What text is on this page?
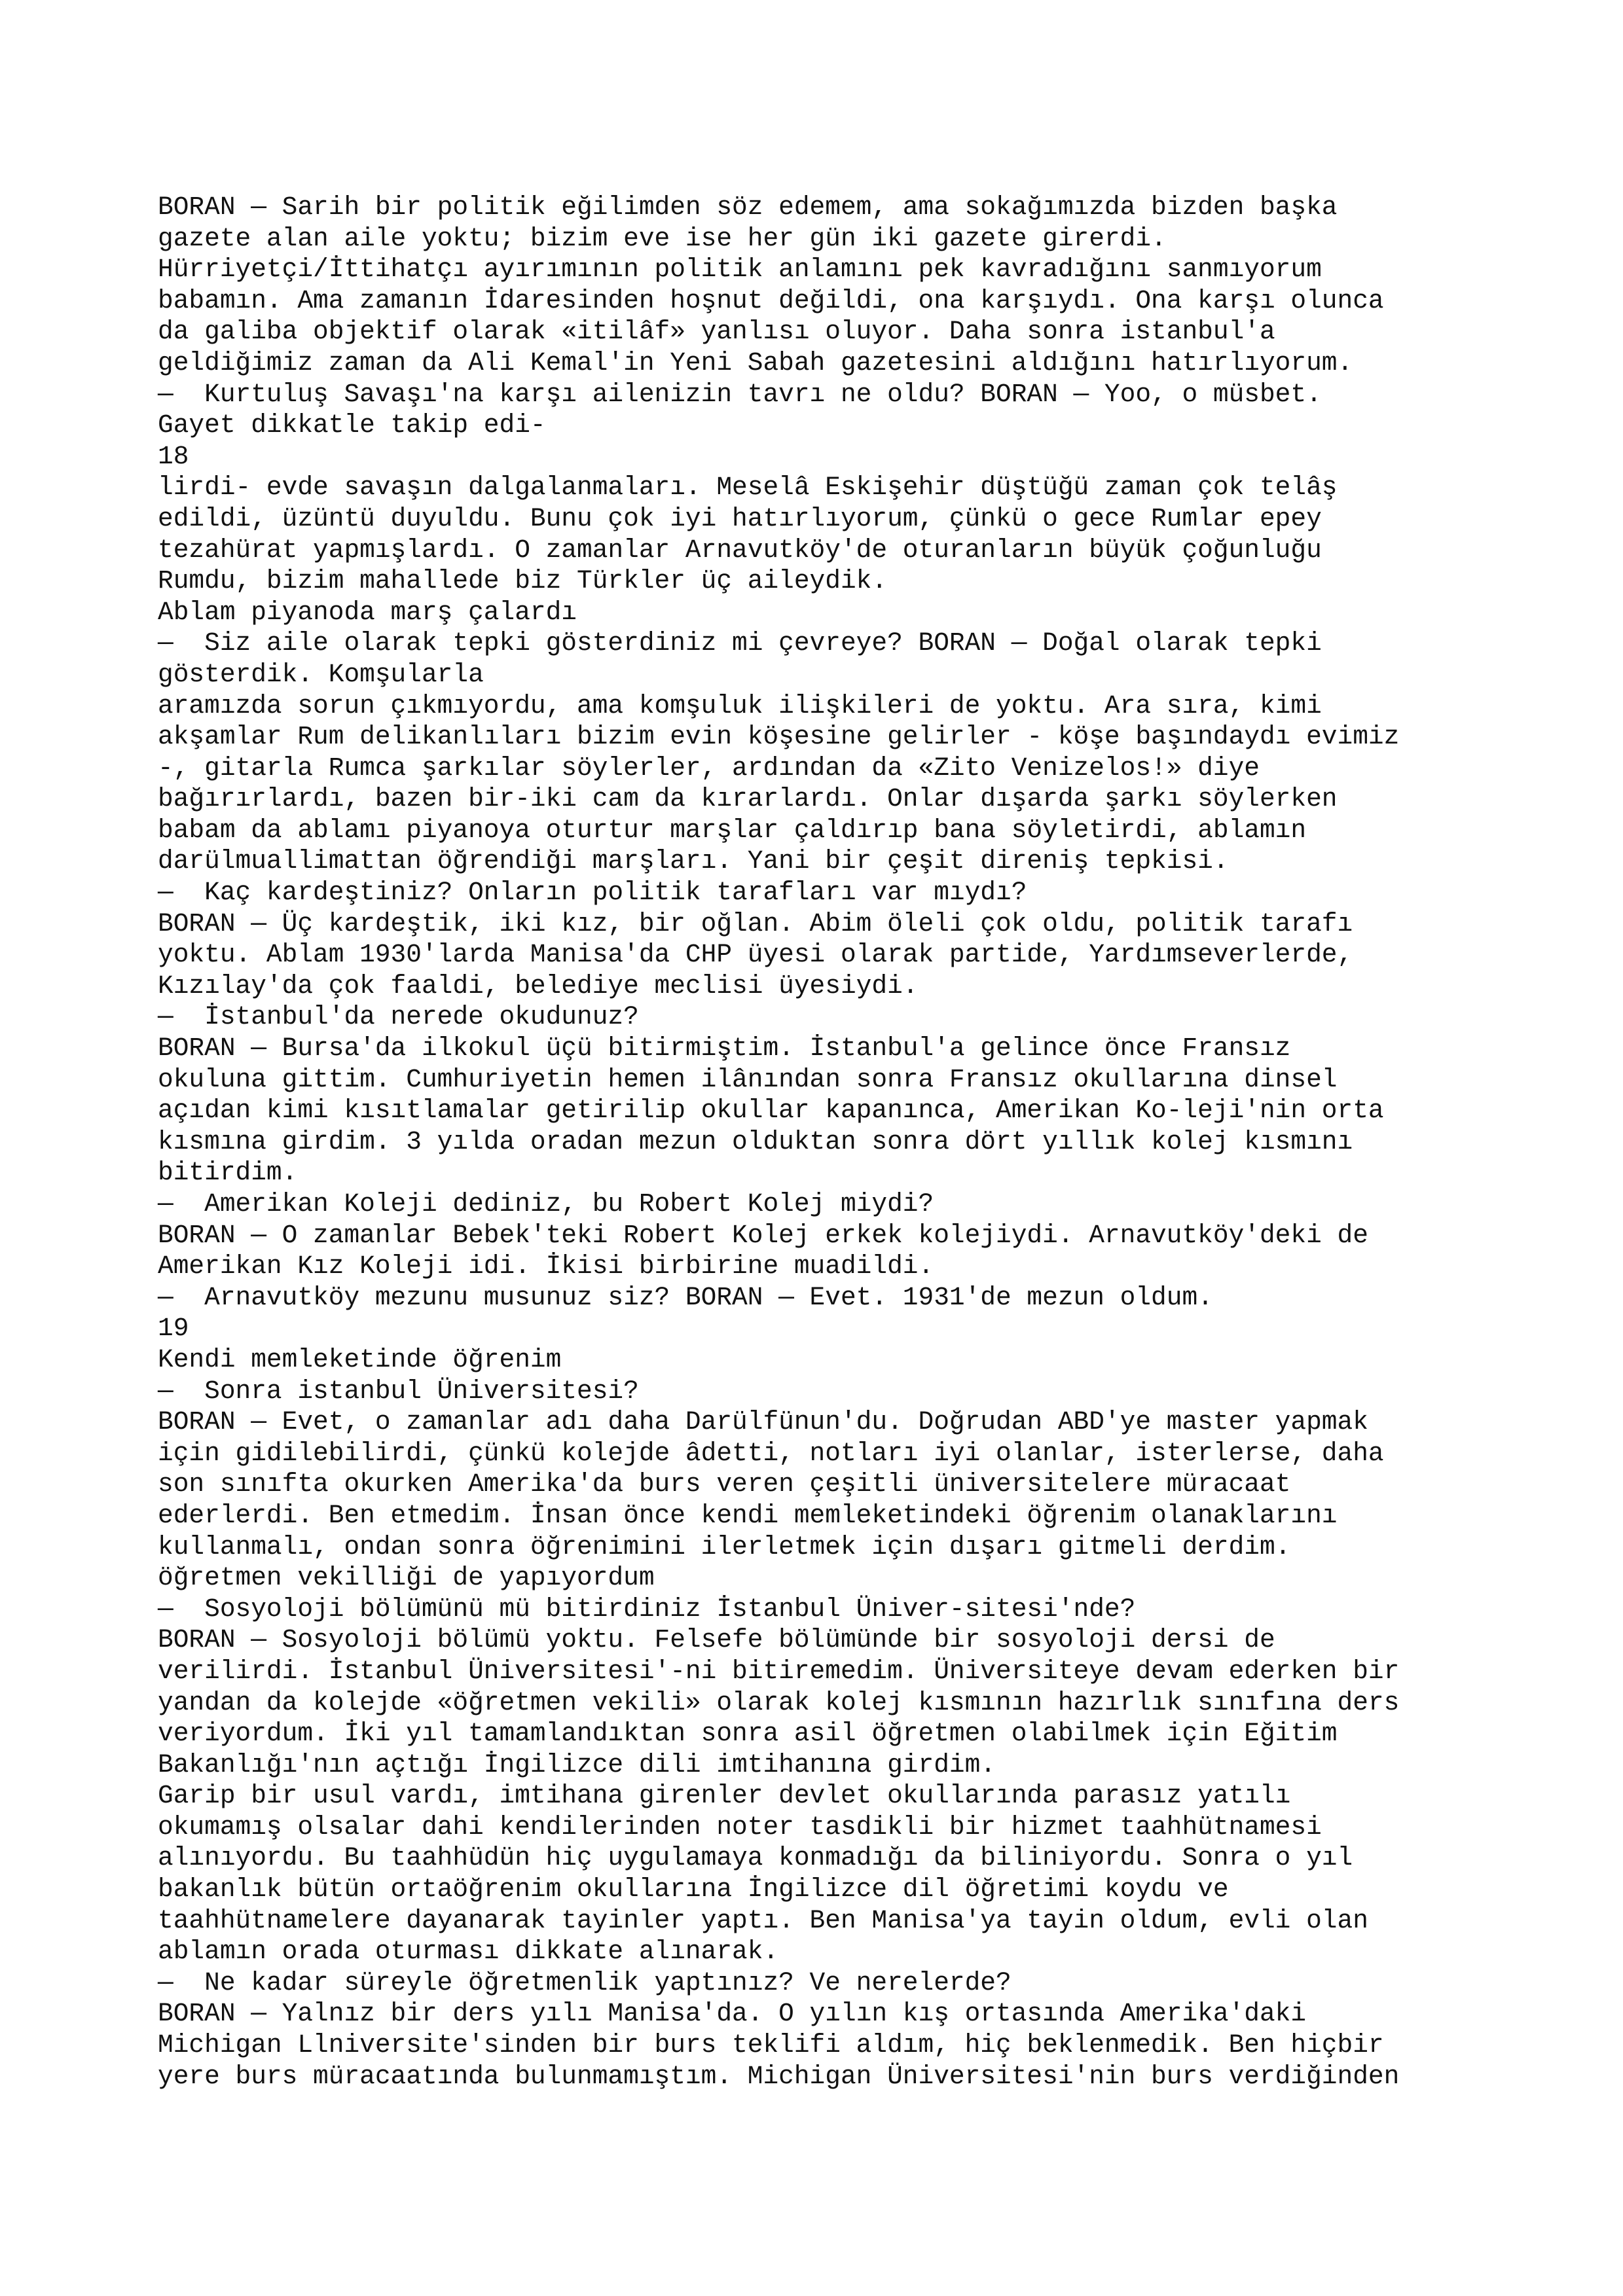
BORAN — Sarih bir politik eğilimden söz edemem, ama sokağımızda bizden başka
gazete alan aile yoktu; bizim eve ise her gün iki gazete girerdi.
Hürriyetçi/İttihatçı ayırımının politik anlamını pek kavradığını sanmıyorum
babamın. Ama zamanın İdaresinden hoşnut değildi, ona karşıydı. Ona karşı olunca
da galiba objektif olarak «itilâf» yanlısı oluyor. Daha sonra istanbul'a
geldiğimiz zaman da Ali Kemal'in Yeni Sabah gazetesini aldığını hatırlıyorum.
—  Kurtuluş Savaşı'na karşı ailenizin tavrı ne oldu? BORAN — Yoo, o müsbet.
Gayet dikkatle takip edi-
18
lirdi- evde savaşın dalgalanmaları. Meselâ Eskişehir düştüğü zaman çok telâş
edildi, üzüntü duyuldu. Bunu çok iyi hatırlıyorum, çünkü o gece Rumlar epey
tezahürat yapmışlardı. O zamanlar Arnavutköy'de oturanların büyük çoğunluğu
Rumdu, bizim mahallede biz Türkler üç aileydik.
Ablam piyanoda marş çalardı
—  Siz aile olarak tepki gösterdiniz mi çevreye? BORAN — Doğal olarak tepki
gösterdik. Komşularla
aramızda sorun çıkmıyordu, ama komşuluk ilişkileri de yoktu. Ara sıra, kimi
akşamlar Rum delikanlıları bizim evin köşesine gelirler - köşe başındaydı evimiz
-, gitarla Rumca şarkılar söylerler, ardından da «Zito Venizelos!» diye
bağırırlardı, bazen bir-iki cam da kırarlardı. Onlar dışarda şarkı söylerken
babam da ablamı piyanoya oturtur marşlar çaldırıp bana söyletirdi, ablamın
darülmuallimattan öğrendiği marşları. Yani bir çeşit direniş tepkisi.
—  Kaç kardeştiniz? Onların politik tarafları var mıydı?
BORAN — Üç kardeştik, iki kız, bir oğlan. Abim öleli çok oldu, politik tarafı
yoktu. Ablam 1930'larda Manisa'da CHP üyesi olarak partide, Yardımseverlerde,
Kızılay'da çok faaldi, belediye meclisi üyesiydi.
—  İstanbul'da nerede okudunuz?
BORAN — Bursa'da ilkokul üçü bitirmiştim. İstanbul'a gelince önce Fransız
okuluna gittim. Cumhuriyetin hemen ilânından sonra Fransız okullarına dinsel
açıdan kimi kısıtlamalar getirilip okullar kapanınca, Amerikan Ko-leji'nin orta
kısmına girdim. 3 yılda oradan mezun olduktan sonra dört yıllık kolej kısmını
bitirdim.
—  Amerikan Koleji dediniz, bu Robert Kolej miydi?
BORAN — O zamanlar Bebek'teki Robert Kolej erkek kolejiydi. Arnavutköy'deki de
Amerikan Kız Koleji idi. İkisi birbirine muadildi.
—  Arnavutköy mezunu musunuz siz? BORAN — Evet. 1931'de mezun oldum.
19
Kendi memleketinde öğrenim
—  Sonra istanbul Üniversitesi?
BORAN — Evet, o zamanlar adı daha Darülfünun'du. Doğrudan ABD'ye master yapmak
için gidilebilirdi, çünkü kolejde âdetti, notları iyi olanlar, isterlerse, daha
son sınıfta okurken Amerika'da burs veren çeşitli üniversitelere müracaat
ederlerdi. Ben etmedim. İnsan önce kendi memleketindeki öğrenim olanaklarını
kullanmalı, ondan sonra öğrenimini ilerletmek için dışarı gitmeli derdim.
öğretmen vekilliği de yapıyordum
—  Sosyoloji bölümünü mü bitirdiniz İstanbul Üniver-sitesi'nde?
BORAN — Sosyoloji bölümü yoktu. Felsefe bölümünde bir sosyoloji dersi de
verilirdi. İstanbul Üniversitesi'-ni bitiremedim. Üniversiteye devam ederken bir
yandan da kolejde «öğretmen vekili» olarak kolej kısmının hazırlık sınıfına ders
veriyordum. İki yıl tamamlandıktan sonra asil öğretmen olabilmek için Eğitim
Bakanlığı'nın açtığı İngilizce dili imtihanına girdim.
Garip bir usul vardı, imtihana girenler devlet okullarında parasız yatılı
okumamış olsalar dahi kendilerinden noter tasdikli bir hizmet taahhütnamesi
alınıyordu. Bu taahhüdün hiç uygulamaya konmadığı da biliniyordu. Sonra o yıl
bakanlık bütün ortaöğrenim okullarına İngilizce dil öğretimi koydu ve
taahhütnamelere dayanarak tayinler yaptı. Ben Manisa'ya tayin oldum, evli olan
ablamın orada oturması dikkate alınarak.
—  Ne kadar süreyle öğretmenlik yaptınız? Ve nerelerde?
BORAN — Yalnız bir ders yılı Manisa'da. O yılın kış ortasında Amerika'daki
Michigan Llniversite'sinden bir burs teklifi aldım, hiç beklenmedik. Ben hiçbir
yere burs müracaatında bulunmamıştım. Michigan Üniversitesi'nin burs verdiğinden
